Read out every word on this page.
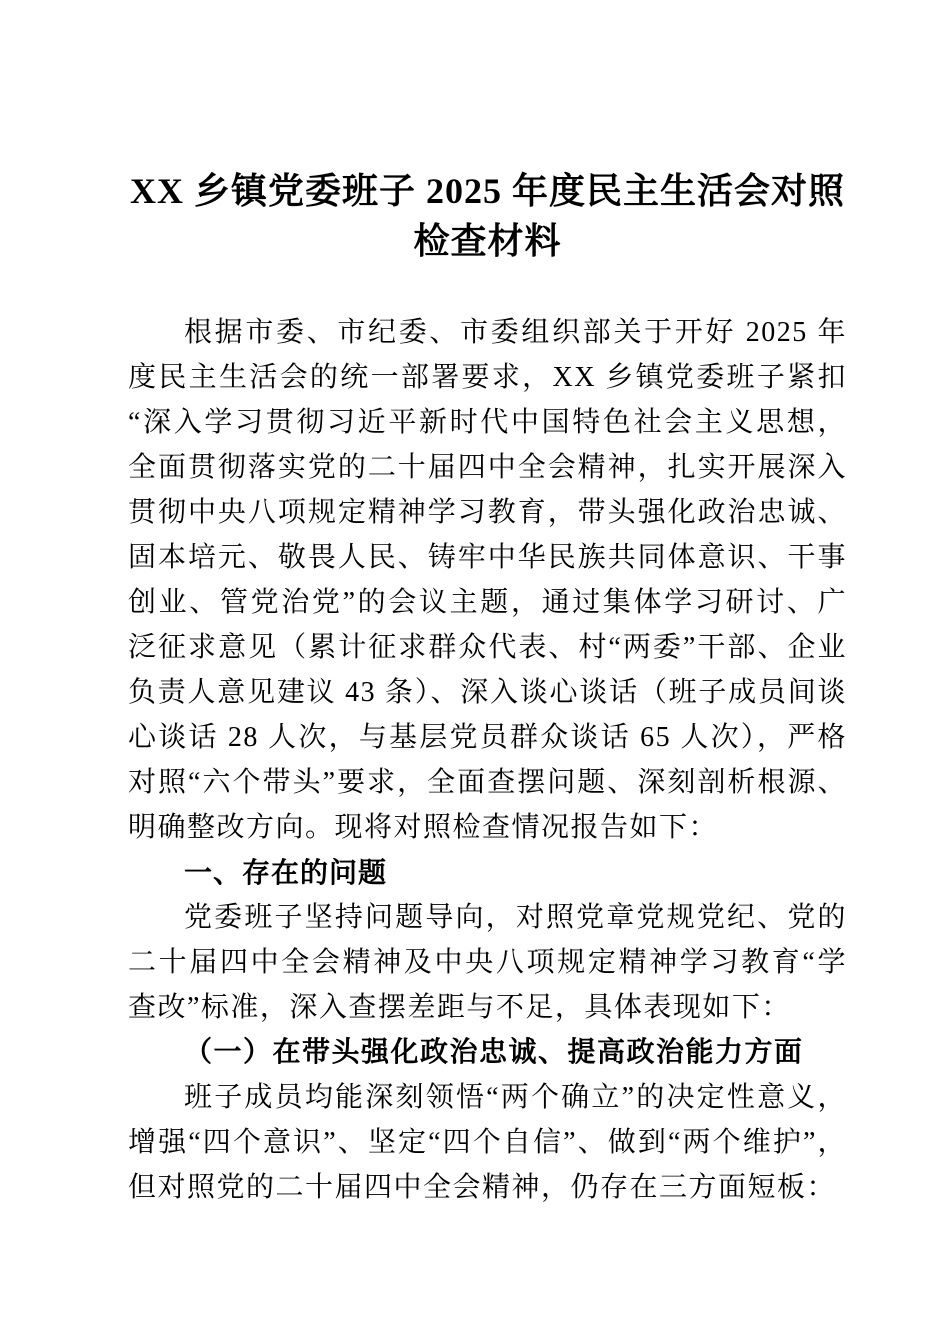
XX 乡镇党委班子 2025 年度民主生活会对照检查材料

根据市委、市纪委、市委组织部关于开好 2025 年度民主生活会的统一部署要求，XX 乡镇党委班子紧扣“深入学习贯彻习近平新时代中国特色社会主义思想，全面贯彻落实党的二十届四中全会精神，扎实开展深入贯彻中央八项规定精神学习教育，带头强化政治忠诚、固本培元、敬畏人民、铸牢中华民族共同体意识、干事创业、管党治党”的会议主题，通过集体学习研讨、广泛征求意见（累计征求群众代表、村“两委”干部、企业负责人意见建议 43 条）、深入谈心谈话（班子成员间谈心谈话 28 人次，与基层党员群众谈话 65 人次），严格对照“六个带头”要求，全面查摆问题、深刻剖析根源、明确整改方向。现将对照检查情况报告如下：

一、存在的问题

党委班子坚持问题导向，对照党章党规党纪、党的二十届四中全会精神及中央八项规定精神学习教育“学查改”标准，深入查摆差距与不足，具体表现如下：

（一）在带头强化政治忠诚、提高政治能力方面

班子成员均能深刻领悟“两个确立”的决定性意义，增强“四个意识”、坚定“四个自信”、做到“两个维护”，但对照党的二十届四中全会精神，仍存在三方面短板：
